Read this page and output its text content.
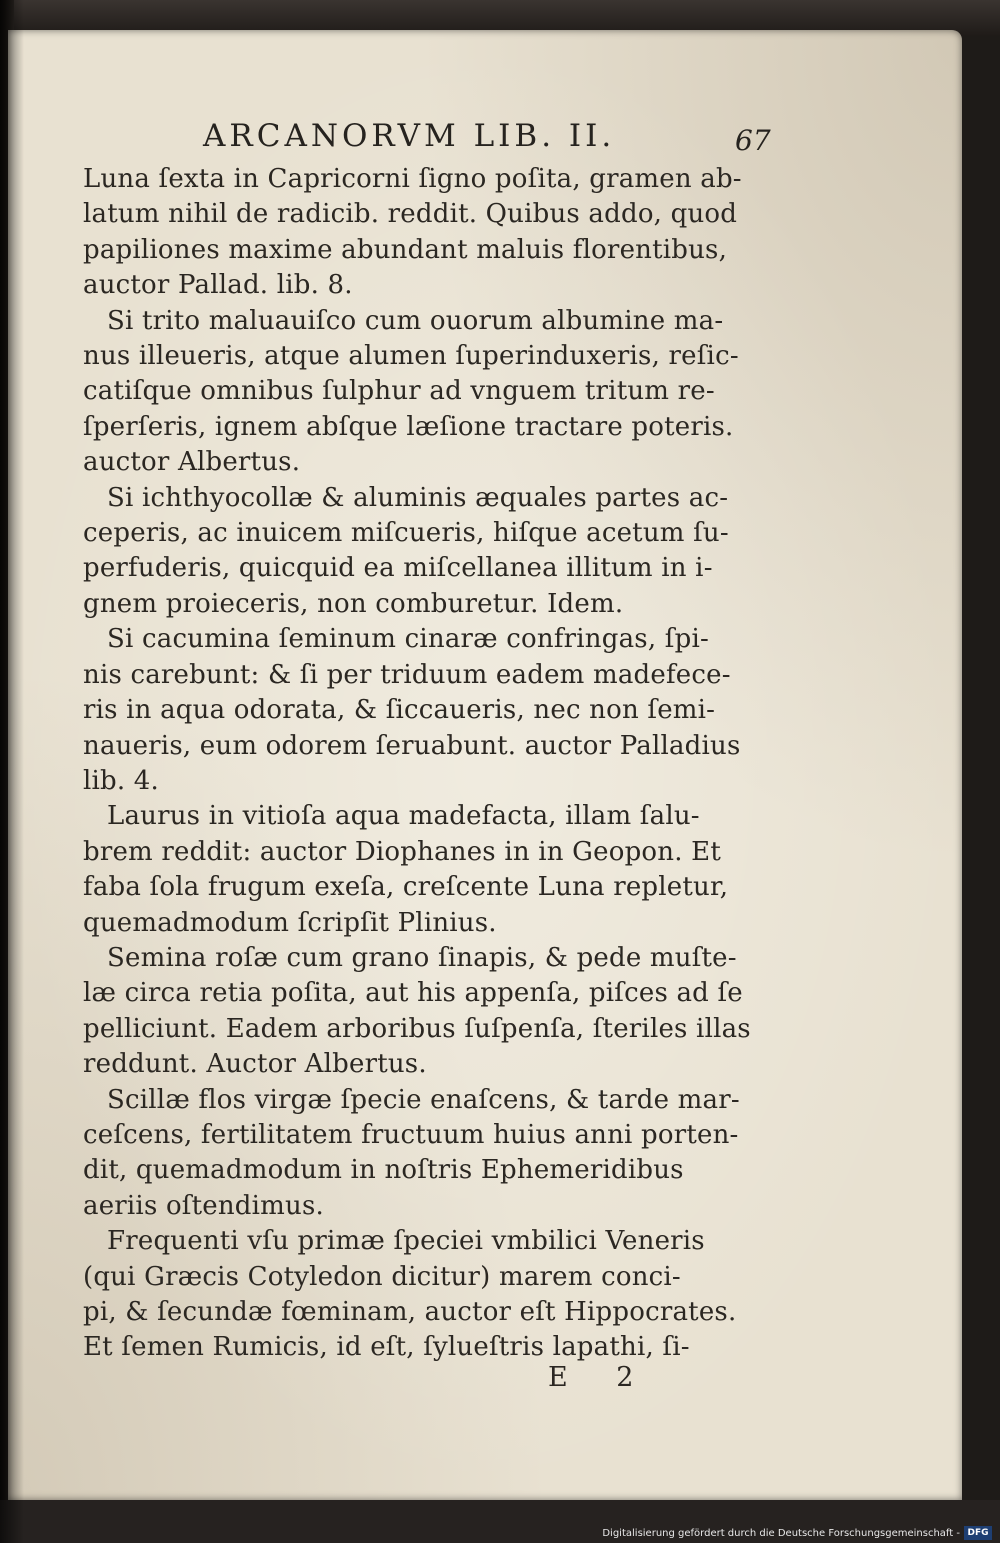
ARCANORVM LIB. II.	67
Luna ſexta in Capricorni ſigno poſita, gramen ab-
latum nihil de radicib. reddit. Quibus addo, quod
papiliones maxime abundant maluis florentibus,
auctor Pallad. lib. 8.
Si trito maluauiſco cum ouorum albumine ma-
nus illeueris, atque alumen ſuperinduxeris, reſic-
catiſque omnibus ſulphur ad vnguem tritum re-
ſperſeris, ignem abſque læſione tractare poteris.
auctor Albertus.
Si ichthyocollæ & aluminis æquales partes ac-
ceperis, ac inuicem miſcueris, hiſque acetum ſu-
perfuderis, quicquid ea miſcellanea illitum in i-
gnem proieceris, non comburetur. Idem.
Si cacumina ſeminum cinaræ confringas, ſpi-
nis carebunt: & ſi per triduum eadem madefece-
ris in aqua odorata, & ſiccaueris, nec non ſemi-
naueris, eum odorem ſeruabunt. auctor Palladius
lib. 4.
Laurus in vitioſa aqua madefacta, illam ſalu-
brem reddit: auctor Diophanes in in Geopon. Et
faba ſola frugum exeſa, creſcente Luna repletur,
quemadmodum ſcripſit Plinius.
Semina roſæ cum grano ſinapis, & pede muſte-
læ circa retia poſita, aut his appenſa, piſces ad ſe
pelliciunt. Eadem arboribus ſuſpenſa, ſteriles illas
reddunt. Auctor Albertus.
Scillæ flos virgæ ſpecie enaſcens, & tarde mar-
ceſcens, fertilitatem fructuum huius anni porten-
dit, quemadmodum in noſtris Ephemeridibus
aeriis oſtendimus.
Frequenti vſu primæ ſpeciei vmbilici Veneris
(qui Græcis Cotyledon dicitur) marem conci-
pi, & ſecundæ fœminam, auctor eſt Hippocrates.
Et ſemen Rumicis, id eſt, ſylueſtris lapathi, ſi-
E 2
Digitalisierung gefördert durch die Deutsche Forschungsgemeinschaft - DFG
